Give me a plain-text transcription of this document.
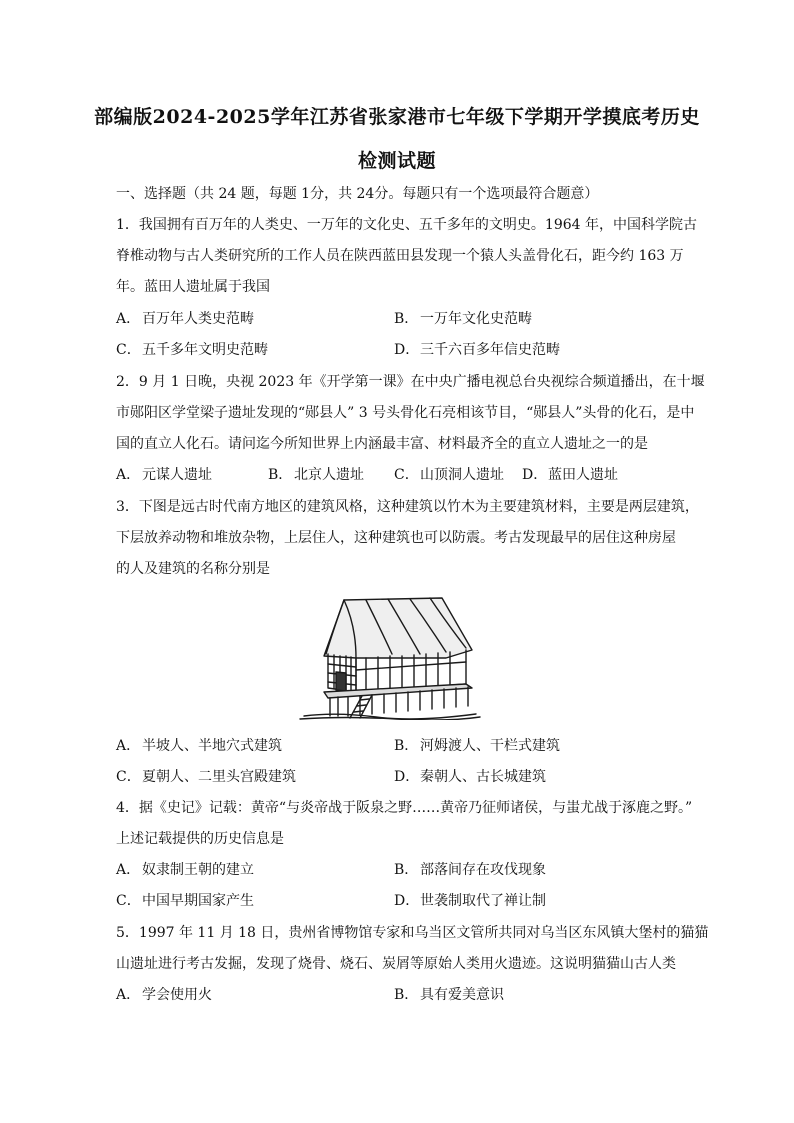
部编版2024-2025学年江苏省张家港市七年级下学期开学摸底考历史
检测试题
一、选择题（共 24 题，每题 1分，共 24分。每题只有一个选项最符合题意）
1．我国拥有百万年的人类史、一万年的文化史、五千多年的文明史。1964 年，中国科学院古
脊椎动物与古人类研究所的工作人员在陕西蓝田县发现一个猿人头盖骨化石，距今约 163 万
年。蓝田人遗址属于我国
A． 百万年人类史范畴	B． 一万年文化史范畴
C．五千多年文明史范畴	D．三千六百多年信史范畴
2．9 月 1 日晚，央视 2023 年《开学第一课》在中央广播电视总台央视综合频道播出，在十堰
市郧阳区学堂梁子遗址发现的“郧县人” 3 号头骨化石亮相该节目，“郧县人”头骨的化石，是中
国的直立人化石。请问迄今所知世界上内涵最丰富、材料最齐全的直立人遗址之一的是
A． 元谋人遗址	B． 北京人遗址 C．山顶洞人遗址 D．蓝田人遗址
3．下图是远古时代南方地区的建筑风格，这种建筑以竹木为主要建筑材料，主要是两层建筑，
下层放养动物和堆放杂物，上层住人，这种建筑也可以防震。考古发现最早的居住这种房屋
的人及建筑的名称分别是
A． 半坡人、半地穴式建筑	B． 河姆渡人、干栏式建筑
C．夏朝人、二里头宫殿建筑	D．秦朝人、古长城建筑
4．据《史记》记载：黄帝“与炎帝战于阪泉之野……黄帝乃征师诸侯，与蚩尤战于涿鹿之野。”
上述记载提供的历史信息是
A． 奴隶制王朝的建立	B． 部落间存在攻伐现象
C．中国早期国家产生	D．世袭制取代了禅让制
5．1997 年 11 月 18 日，贵州省博物馆专家和乌当区文管所共同对乌当区东风镇大堡村的猫猫
山遗址进行考古发掘，发现了烧骨、烧石、炭屑等原始人类用火遗迹。这说明猫猫山古人类
A． 学会使用火	B． 具有爱美意识
